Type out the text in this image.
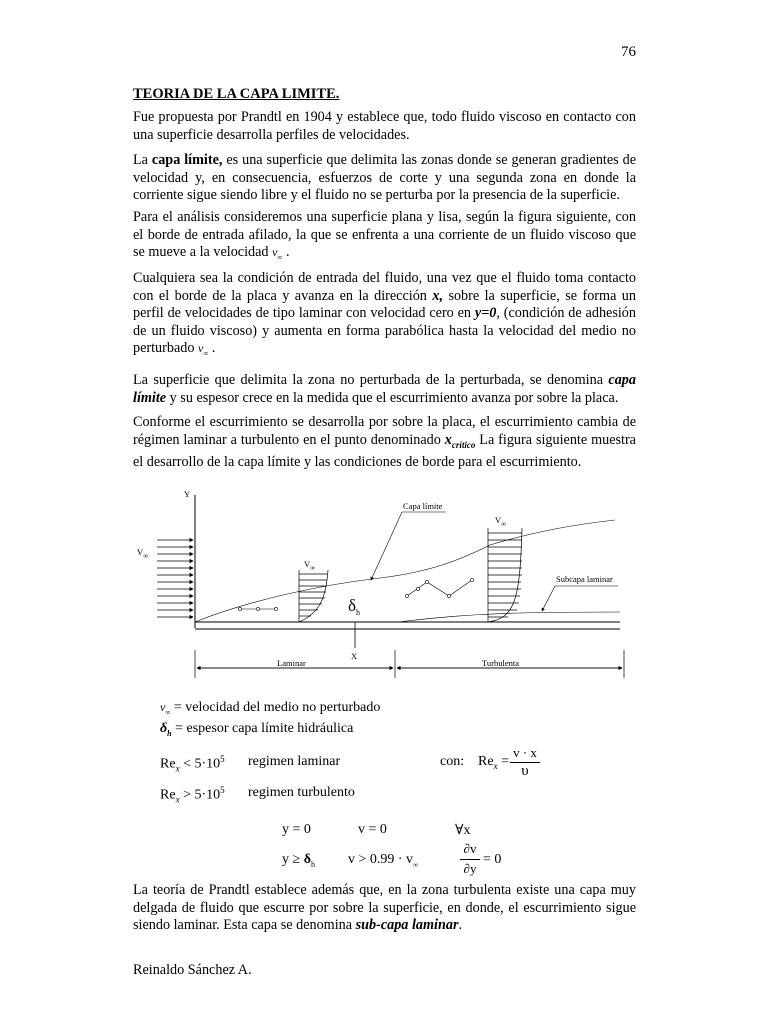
76
TEORIA DE LA CAPA LIMITE.
Fue propuesta por Prandtl en 1904 y establece que, todo fluido viscoso en contacto con una superficie desarrolla perfiles de velocidades.
La capa límite, es una superficie que delimita las zonas donde se generan gradientes de velocidad y, en consecuencia, esfuerzos de corte y una segunda zona en donde la corriente sigue siendo libre y el fluido no se perturba por la presencia de la superficie.
Para el análisis consideremos una superficie plana y lisa, según la figura siguiente, con el borde de entrada afilado, la que se enfrenta a una corriente de un fluido viscoso que se mueve a la velocidad $v_\infty$ .
Cualquiera sea la condición de entrada del fluido, una vez que el fluido toma contacto con el borde de la placa y avanza en la dirección x, sobre la superficie, se forma un perfil de velocidades de tipo laminar con velocidad cero en y=0, (condición de adhesión de un fluido viscoso) y aumenta en forma parabólica hasta la velocidad del medio no perturbado $v_\infty$ .
La superficie que delimita la zona no perturbada de la perturbada, se denomina capa límite y su espesor crece en la medida que el escurrimiento avanza por sobre la placa.
Conforme el escurrimiento se desarrolla por sobre la placa, el escurrimiento cambia de régimen laminar a turbulento en el punto denominado $x_{crítico}$ La figura siguiente muestra el desarrollo de la capa límite y las condiciones de borde para el escurrimiento.
Y
X
$V_\infty$
Capa límite
Subcapa laminar
$V_\infty$
$\delta_h$
$V_\infty$
Laminar	Turbulenta
$v_\infty$ = velocidad del medio no perturbado
$\delta_h$ = espesor capa límite hidráulica
$Re_x < 5\cdot 10^5$ regimen laminar	con: $Re_x$ =
v · x
υ
$Re_x > 5\cdot 10^5$ regimen turbulento
y = 0	v = 0	∀x
$y \ge \delta_h$ $v > 0.99 \cdot v_\infty$
∂v
∂y
= 0
La teoría de Prandtl establece además que, en la zona turbulenta existe una capa muy delgada de fluido que escurre por sobre la superficie, en donde, el escurrimiento sigue siendo laminar. Esta capa se denomina sub-capa laminar.
Reinaldo Sánchez A.
